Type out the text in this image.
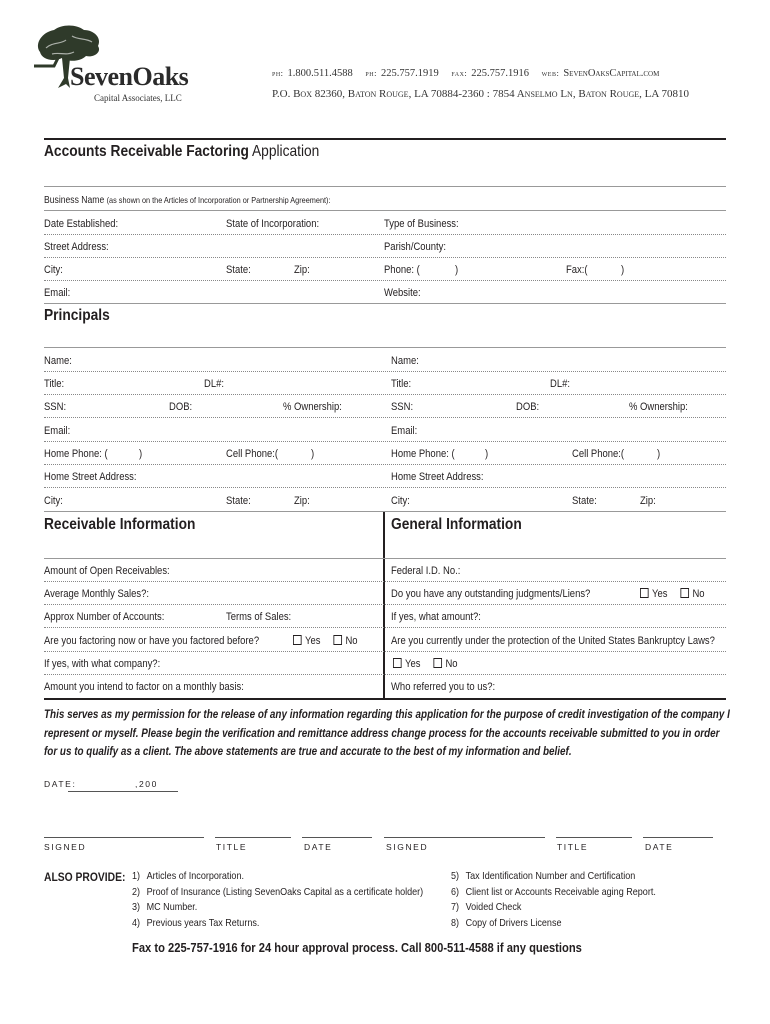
SevenOaks
Capital Associates, LLC
ph: 1.800.511.4588 ph: 225.757.1919 fax: 225.757.1916 web: SevenOaksCapital.com
P.O. Box 82360, Baton Rouge, LA 70884-2360 : 7854 Anselmo Ln, Baton Rouge, LA 70810
Accounts Receivable Factoring Application
Business Name (as shown on the Articles of Incorporation or Partnership Agreement):
Date Established:	State of Incorporation:	Type of Business:
Street Address:	Parish/County:
City:	State:	Zip:	Phone: (	)	Fax:(	)
Email:	Website:
Principals
Name:	Name:
Title:	DL#:	Title:	DL#:
SSN:	DOB:	% Ownership:	SSN:	DOB:	% Ownership:
Email:	Email:
Home Phone: (	)	Cell Phone:(	)	Home Phone: (	)	Cell Phone:(	)
Home Street Address:	Home Street Address:
City:	State:	Zip:	City:	State:	Zip:
Receivable Information	General Information
Amount of Open Receivables:	Federal I.D. No.:
Average Monthly Sales?:	Do you have any outstanding judgments/Liens?	Yes No
Approx Number of Accounts:	Terms of Sales:	If yes, what amount?:
Are you factoring now or have you factored before?	Yes No	Are you currently under the protection of the United States Bankruptcy Laws?
If yes, with what company?:	Yes No
Amount you intend to factor on a monthly basis:	Who referred you to us?:
This serves as my permission for the release of any information regarding this application for the purpose of credit investigation of the company I represent or myself. Please begin the verification and remittance address change process for the accounts receivable submitted to you in order for us to qualify as a client. The above statements are true and accurate to the best of my information and belief.
DATE:	,200
SIGNED	TITLE	DATE	SIGNED	TITLE	DATE
ALSO PROVIDE: 1) Articles of Incorporation.
2) Proof of Insurance (Listing SevenOaks Capital as a certificate holder)
3) MC Number.
4) Previous years Tax Returns.
5) Tax Identification Number and Certification
6) Client list or Accounts Receivable aging Report.
7) Voided Check
8) Copy of Drivers License
Fax to 225-757-1916 for 24 hour approval process. Call 800-511-4588 if any questions
